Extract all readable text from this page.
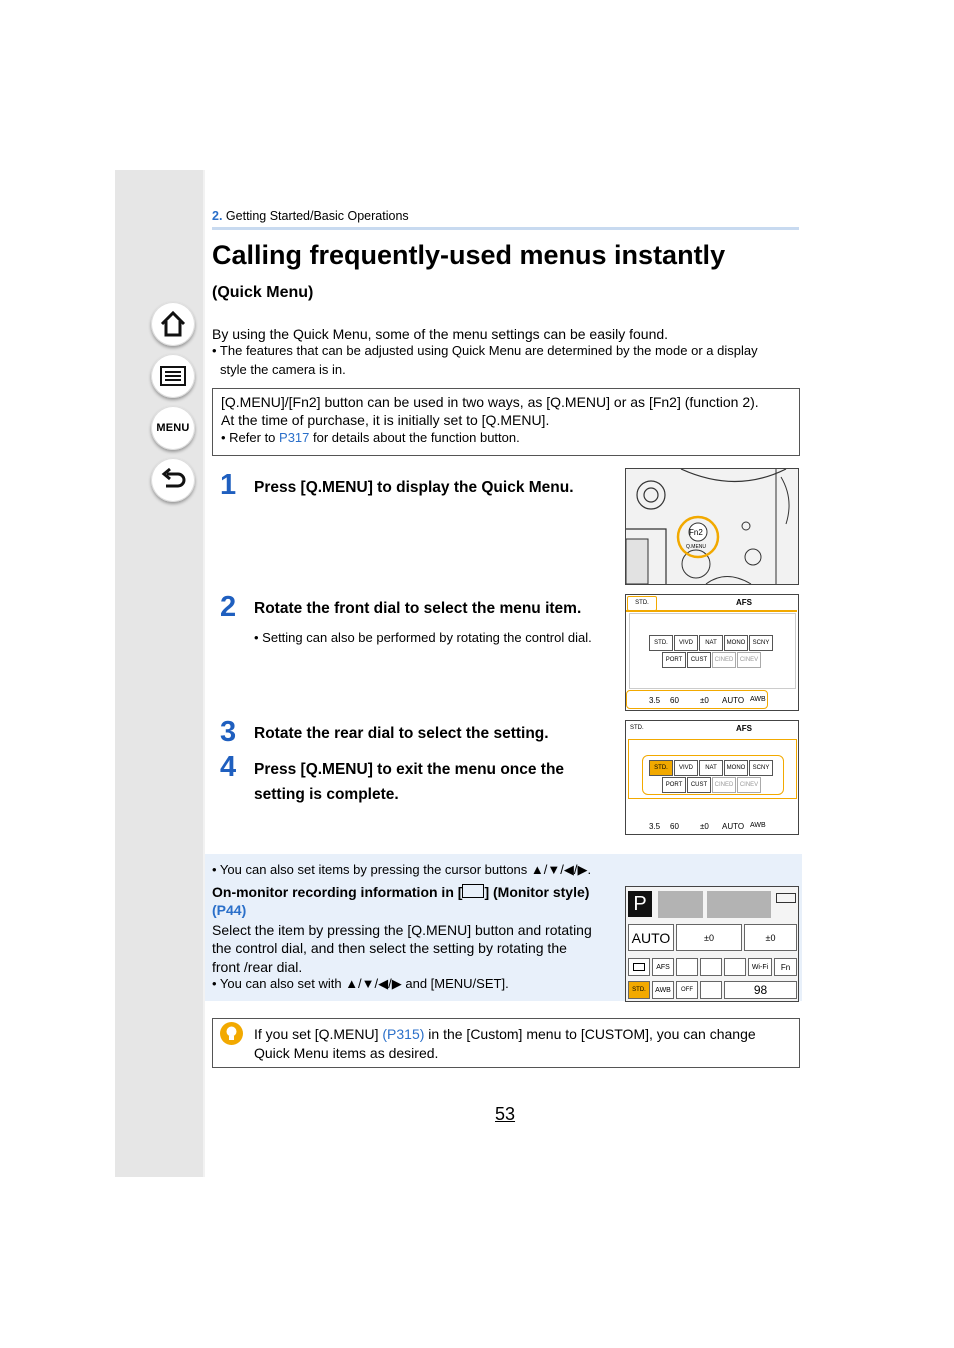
MENU
2. Getting Started/Basic Operations
Calling frequently-used menus instantly
(Quick Menu)
By using the Quick Menu, some of the menu settings can be easily found.
• The features that can be adjusted using Quick Menu are determined by the mode or a display
style the camera is in.
[Q.MENU]/[Fn2] button can be used in two ways, as [Q.MENU] or as [Fn2] (function 2).
At the time of purchase, it is initially set to [Q.MENU].
• Refer to P317 for details about the function button.
1 Press [Q.MENU] to display the Quick Menu.
2 Rotate the front dial to select the menu item.
• Setting can also be performed by rotating the control dial.
3 Rotate the rear dial to select the setting.
4 Press [Q.MENU] to exit the menu once the
setting is complete.
Fn2
Q.MENU
STD.	AFS
STD.	VIVD	NAT	MONO	SCNY
PORT	CUST	CINED	CINEV
3.5 60	±0 AUTO AWB
STD.	AFS
STD.	VIVD	NAT	MONO	SCNY
PORT	CUST	CINED	CINEV
3.5 60	±0 AUTO AWB
• You can also set items by pressing the cursor buttons ▲/▼/◀/▶.
On-monitor recording information in [ ] (Monitor style)
(P44)
Select the item by pressing the [Q.MENU] button and rotating
the control dial, and then select the setting by rotating the
front /rear dial.
• You can also set with ▲/▼/◀/▶ and [MENU/SET].
P
AUTO	±0	±0
AFS	Wi-Fi	Fn
STD.	AWB	OFF	98
If you set [Q.MENU] (P315) in the [Custom] menu to [CUSTOM], you can change
Quick Menu items as desired.
53
